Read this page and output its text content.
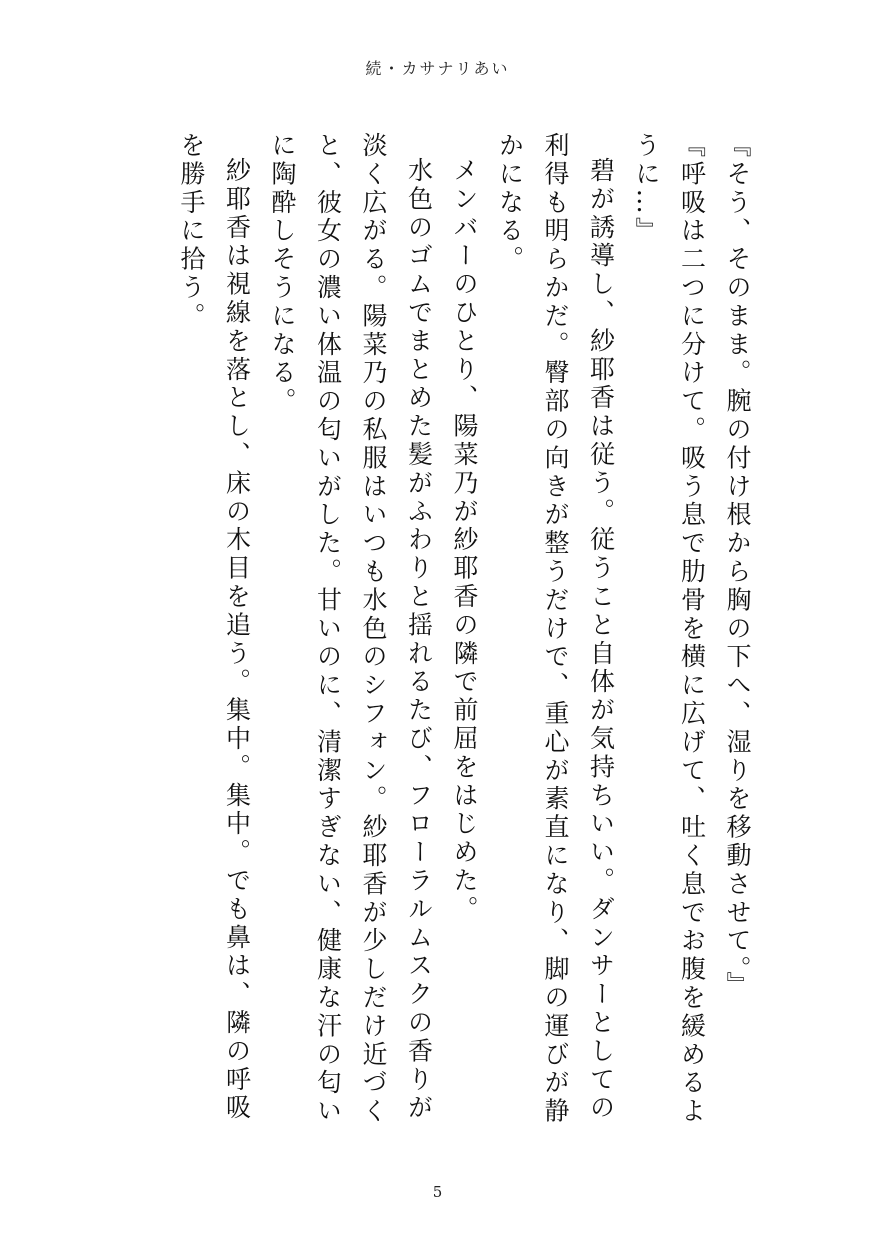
続・カサナリあい

『そう、そのまま。腕の付け根から胸の下へ、湿りを移動させて。』

『呼吸は二つに分けて。吸う息で肋骨を横に広げて、吐く息でお腹を緩めるように…』

碧が誘導し、紗耶香は従う。従うこと自体が気持ちいい。ダンサーとしての利得も明らかだ。臀部の向きが整うだけで、重心が素直になり、脚の運びが静かになる。

メンバーのひとり、陽菜乃が紗耶香の隣で前屈をはじめた。

水色のゴムでまとめた髪がふわりと揺れるたび、フローラルムスクの香りが淡く広がる。陽菜乃の私服はいつも水色のシフォン。紗耶香が少しだけ近づくと、彼女の濃い体温の匂いがした。甘いのに、清潔すぎない、健康な汗の匂いに陶酔しそうになる。

紗耶香は視線を落とし、床の木目を追う。集中。集中。でも鼻は、隣の呼吸を勝手に拾う。

5
